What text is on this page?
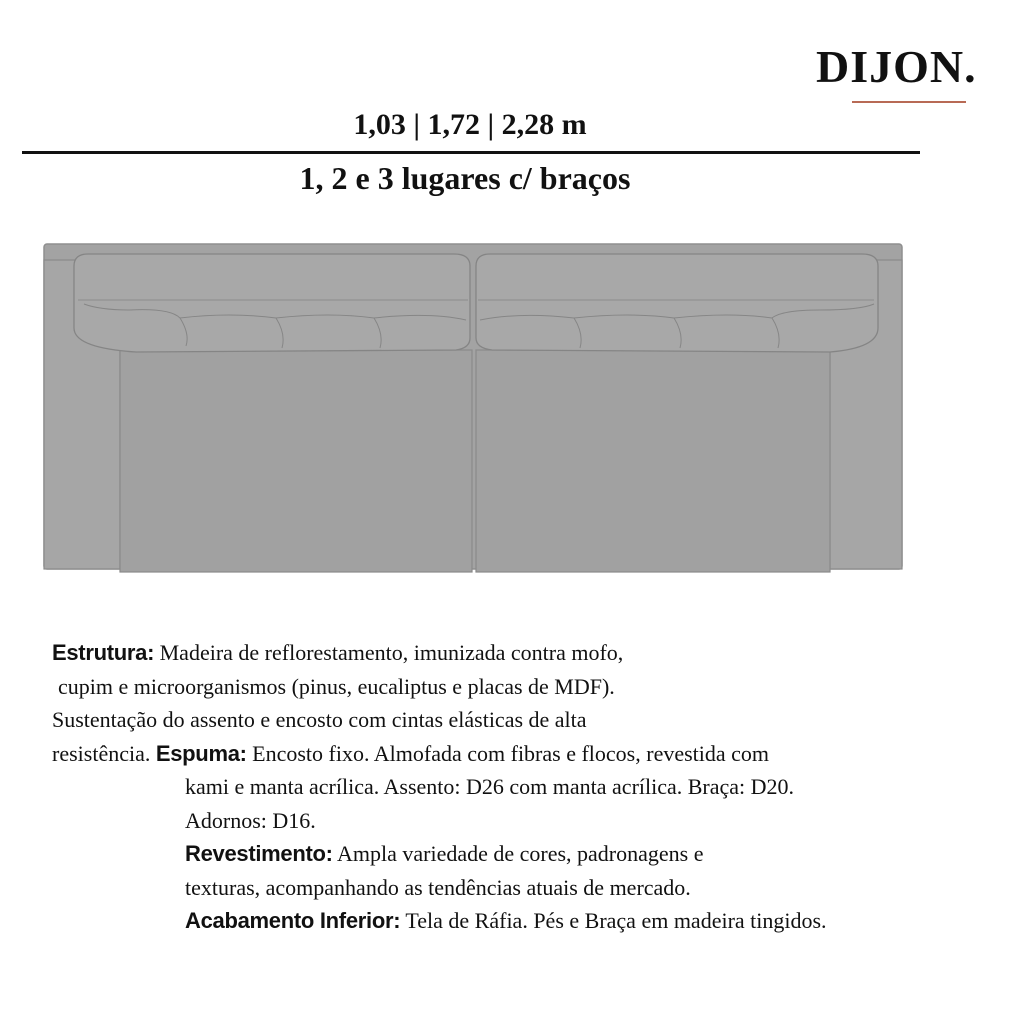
DIJON.
1,03 | 1,72 | 2,28 m
1, 2 e 3 lugares c/ braços
Estrutura: Madeira de reflorestamento, imunizada contra mofo,
cupim e microorganismos (pinus, eucaliptus e placas de MDF).
Sustentação do assento e encosto com cintas elásticas de alta
resistência. Espuma: Encosto fixo. Almofada com fibras e flocos, revestida com
kami e manta acrílica. Assento: D26 com manta acrílica. Braça: D20.
Adornos: D16.
Revestimento: Ampla variedade de cores, padronagens e
texturas, acompanhando as tendências atuais de mercado.
Acabamento Inferior: Tela de Ráfia. Pés e Braça em madeira tingidos.
